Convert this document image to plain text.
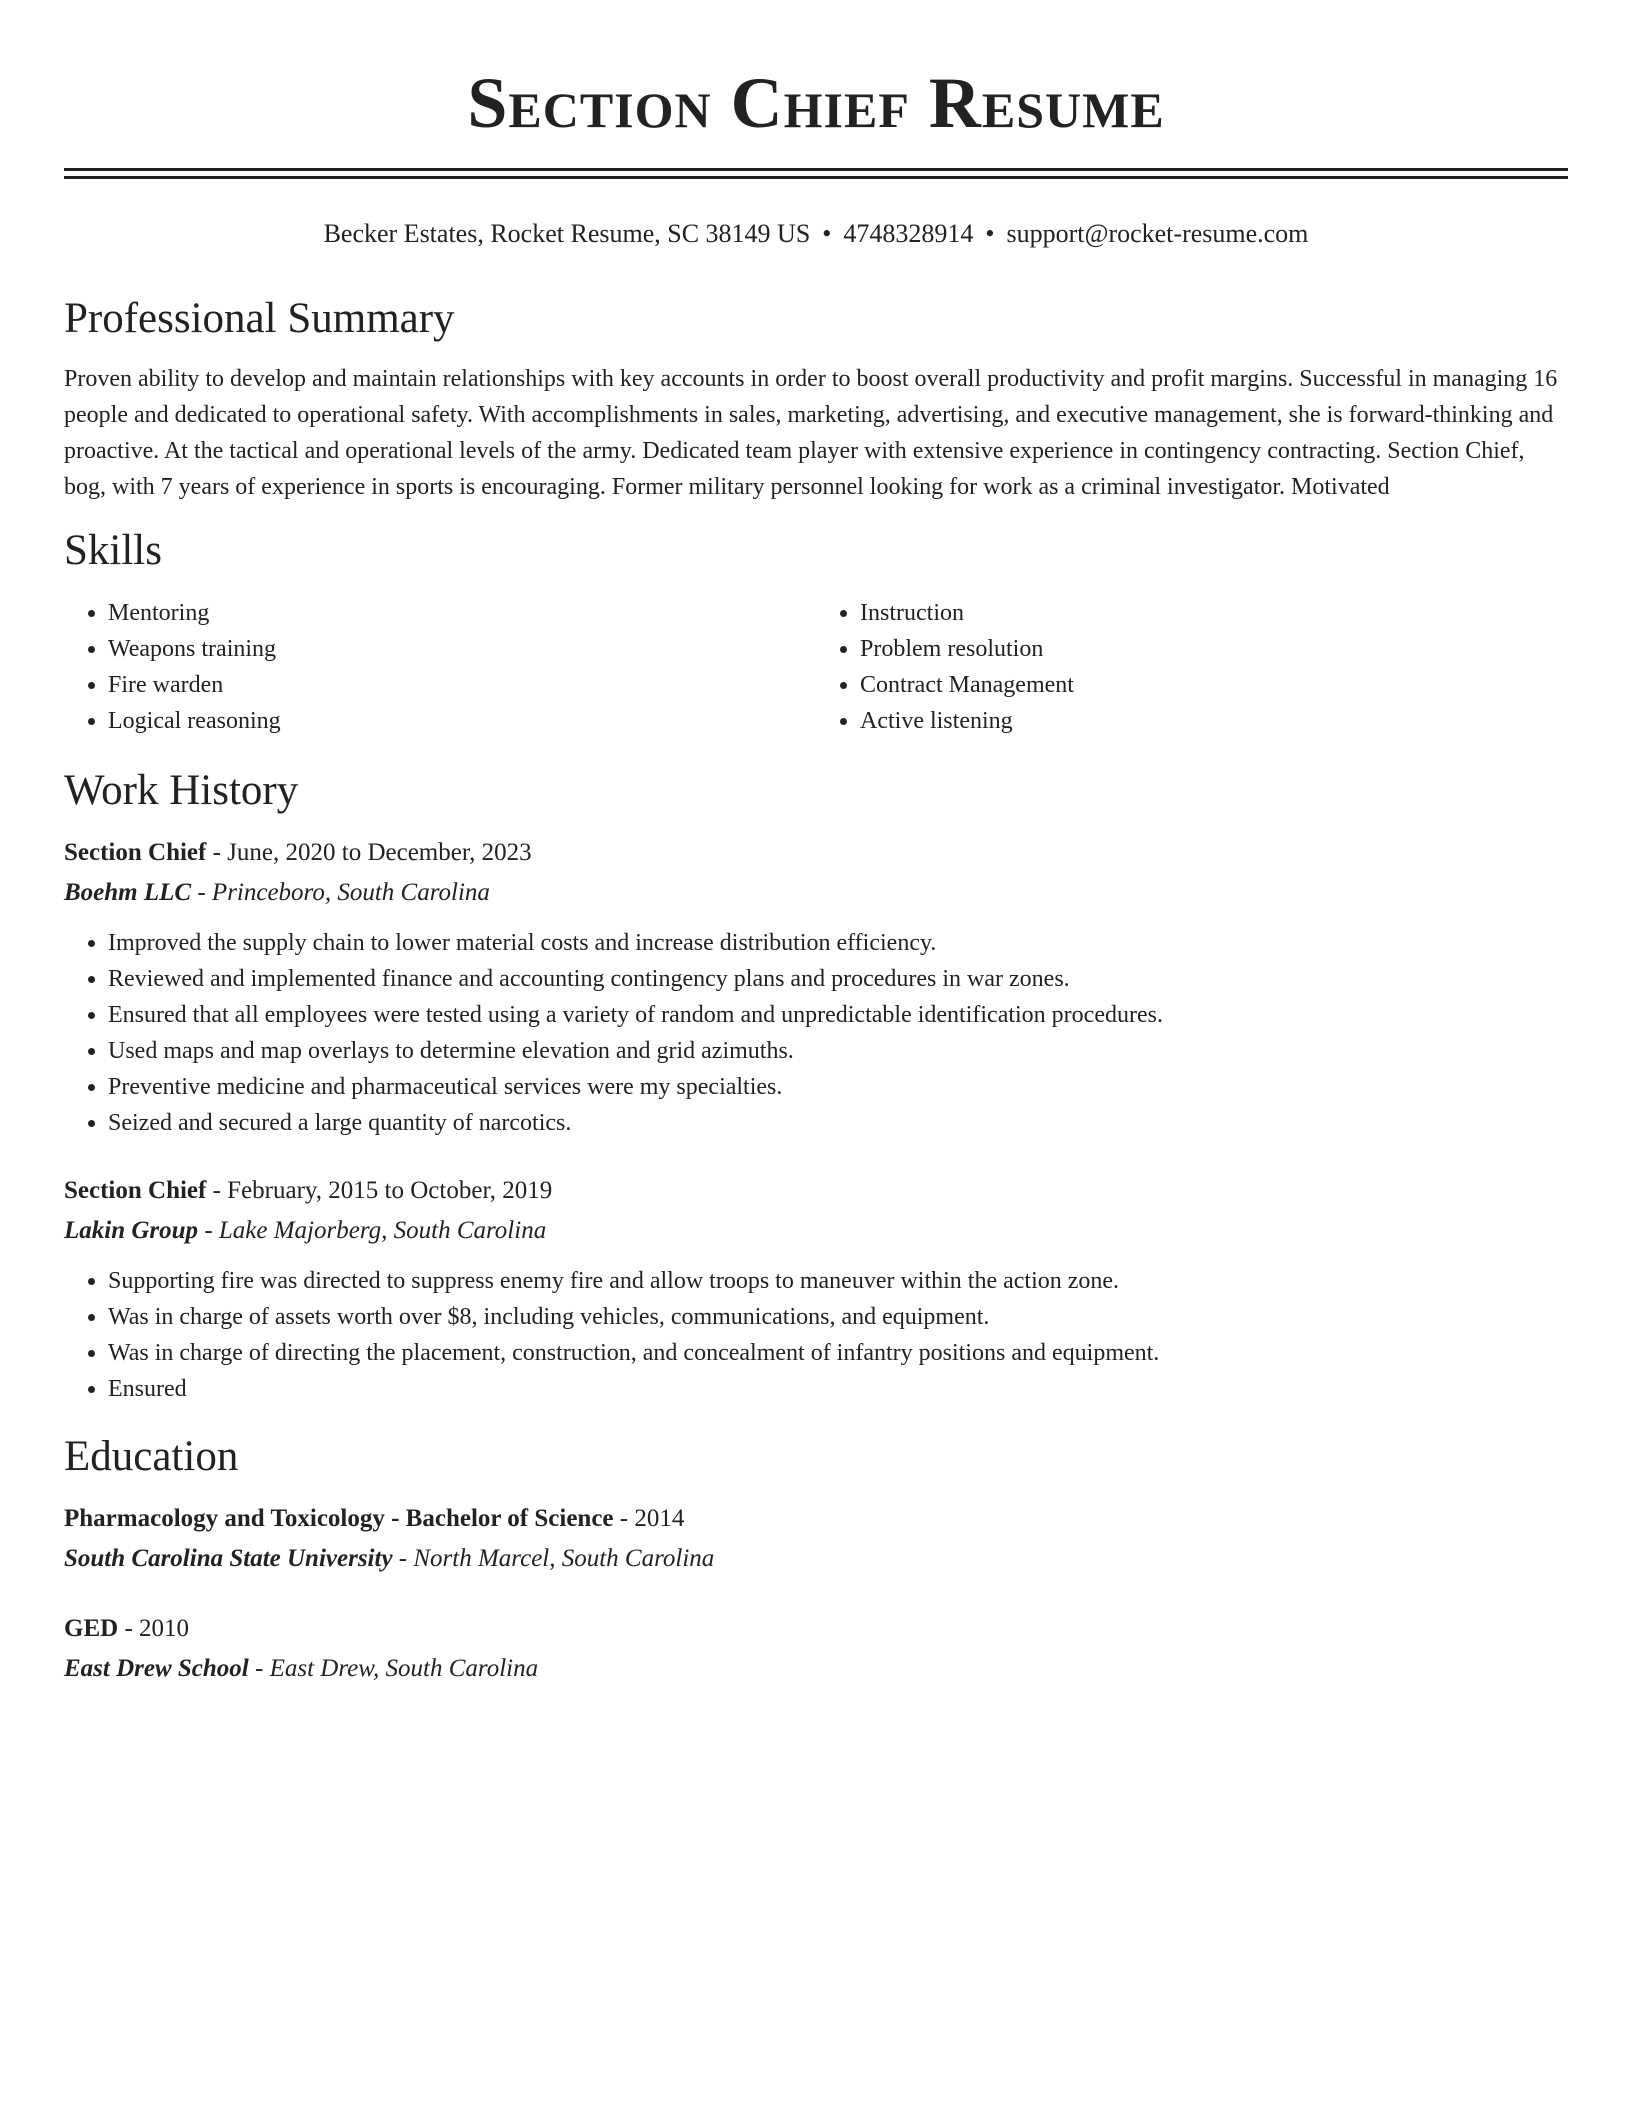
Section Chief Resume
Becker Estates, Rocket Resume, SC 38149 US • 4748328914 • support@rocket-resume.com
Professional Summary
Proven ability to develop and maintain relationships with key accounts in order to boost overall productivity and profit margins. Successful in managing 16 people and dedicated to operational safety. With accomplishments in sales, marketing, advertising, and executive management, she is forward-thinking and proactive. At the tactical and operational levels of the army. Dedicated team player with extensive experience in contingency contracting. Section Chief, bog, with 7 years of experience in sports is encouraging. Former military personnel looking for work as a criminal investigator. Motivated
Skills
• Mentoring
• Weapons training
• Fire warden
• Logical reasoning
• Instruction
• Problem resolution
• Contract Management
• Active listening
Work History
Section Chief - June, 2020 to December, 2023
Boehm LLC - Princeboro, South Carolina
• Improved the supply chain to lower material costs and increase distribution efficiency.
• Reviewed and implemented finance and accounting contingency plans and procedures in war zones.
• Ensured that all employees were tested using a variety of random and unpredictable identification procedures.
• Used maps and map overlays to determine elevation and grid azimuths.
• Preventive medicine and pharmaceutical services were my specialties.
• Seized and secured a large quantity of narcotics.
Section Chief - February, 2015 to October, 2019
Lakin Group - Lake Majorberg, South Carolina
• Supporting fire was directed to suppress enemy fire and allow troops to maneuver within the action zone.
• Was in charge of assets worth over $8, including vehicles, communications, and equipment.
• Was in charge of directing the placement, construction, and concealment of infantry positions and equipment.
• Ensured
Education
Pharmacology and Toxicology - Bachelor of Science - 2014
South Carolina State University - North Marcel, South Carolina
GED - 2010
East Drew School - East Drew, South Carolina
